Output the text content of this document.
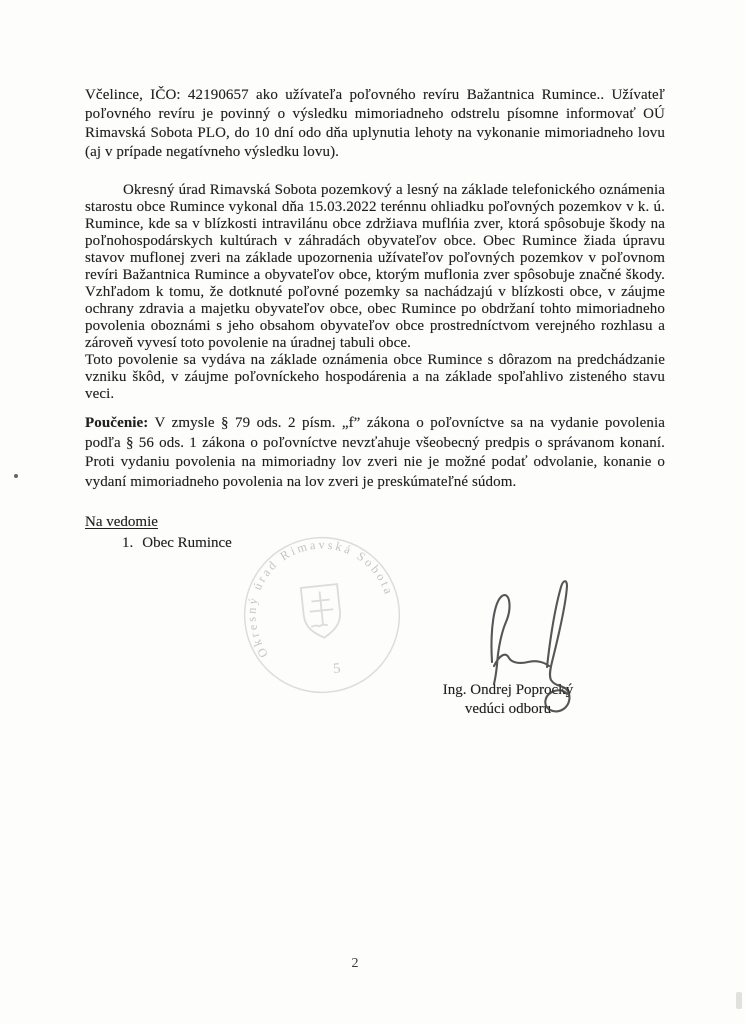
Včelince, IČO: 42190657 ako užívateľa poľovného revíru Bažantnica Rumince.. Užívateľ poľovného revíru je povinný o výsledku mimoriadneho odstrelu písomne informovať OÚ Rimavská Sobota PLO, do 10 dní odo dňa uplynutia lehoty na vykonanie mimoriadneho lovu (aj v prípade negatívneho výsledku lovu).

Okresný úrad Rimavská Sobota pozemkový a lesný na základe telefonického oznámenia starostu obce Rumince vykonal dňa 15.03.2022 terénnu ohliadku poľovných pozemkov v k. ú. Rumince, kde sa v blízkosti intravilánu obce zdržiava muflńia zver, ktorá spôsobuje škody na poľnohospodárskych kultúrach v záhradách obyvateľov obce. Obec Rumince žiada úpravu stavov muflonej zveri na základe upozornenia užívateľov poľovných pozemkov v poľovnom revíri Bažantnica Rumince a obyvateľov obce, ktorým muflonia zver spôsobuje značné škody. Vzhľadom k tomu, že dotknuté poľovné pozemky sa nachádzajú v blízkosti obce, v záujme ochrany zdravia a majetku obyvateľov obce, obec Rumince po obdržaní tohto mimoriadneho povolenia oboznámi s jeho obsahom obyvateľov obce prostredníctvom verejného rozhlasu a zároveň vyvesí toto povolenie na úradnej tabuli obce.

Toto povolenie sa vydáva na základe oznámenia obce Rumince s dôrazom na predchádzanie vzniku škôd, v záujme poľovníckeho hospodárenia a na základe spoľahlivo zisteného stavu veci.

Poučenie: V zmysle § 79 ods. 2 písm. „f” zákona o poľovníctve sa na vydanie povolenia podľa § 56 ods. 1 zákona o poľovníctve nevzťahuje všeobecný predpis o správanom konaní. Proti vydaniu povolenia na mimoriadny lov zveri nie je možné podať odvolanie, konanie o vydaní mimoriadneho povolenia na lov zveri je preskúmateľné súdom.

Na vedomie
1. Obec Rumince
Okresný úrad Rimavská Sobota
5
Ing. Ondrej Poprocký
vedúci odboru
2
